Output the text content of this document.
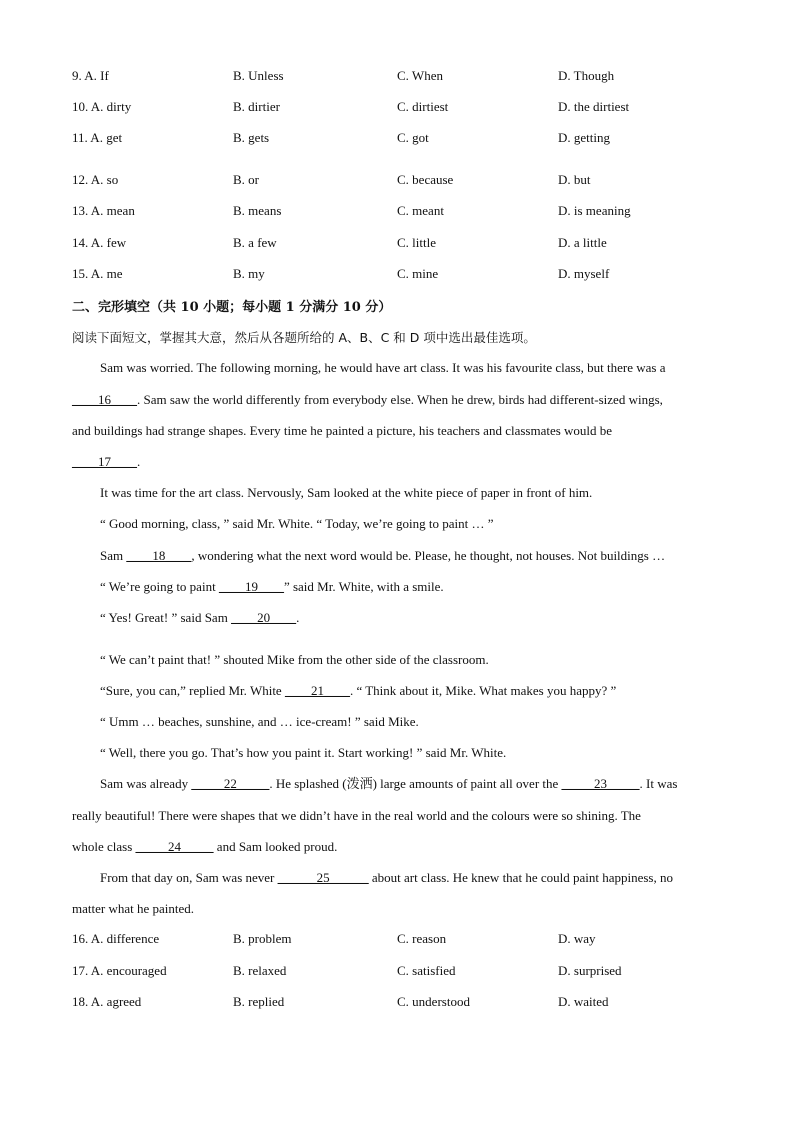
9. A. If	B. Unless	C. When	D. Though
10. A. dirty	B. dirtier	C. dirtiest	D. the dirtiest
11. A. get	B. gets	C. got	D. getting
12. A. so	B. or	C. because	D. but
13. A. mean	B. means	C. meant	D. is meaning
14. A. few	B. a few	C. little	D. a little
15. A. me	B. my	C. mine	D. myself
二、完形填空（共 10 小题；每小题 1 分满分 10 分）
阅读下面短文，掌握其大意，然后从各题所给的 A、B、C 和 D 项中选出最佳选项。
Sam was worried. The following morning, he would have art class. It was his favourite class, but there was a
____16____. Sam saw the world differently from everybody else. When he drew, birds had different-sized wings,
and buildings had strange shapes. Every time he painted a picture, his teachers and classmates would be
____17____.
It was time for the art class. Nervously, Sam looked at the white piece of paper in front of him.
“ Good morning, class, ” said Mr. White. “ Today, we’re going to paint … ”
Sam ____18____, wondering what the next word would be. Please, he thought, not houses. Not buildings …
“ We’re going to paint ____19____” said Mr. White, with a smile.
“ Yes! Great! ” said Sam ____20____.
“ We can’t paint that! ” shouted Mike from the other side of the classroom.
“Sure, you can,” replied Mr. White ____21____. “ Think about it, Mike. What makes you happy? ”
“ Umm … beaches, sunshine, and … ice-cream! ” said Mike.
“ Well, there you go. That’s how you paint it. Start working! ” said Mr. White.
Sam was already _____22_____. He splashed (泼洒) large amounts of paint all over the _____23_____. It was
really beautiful! There were shapes that we didn’t have in the real world and the colours were so shining. The
whole class _____24_____ and Sam looked proud.
From that day on, Sam was never ______25______ about art class. He knew that he could paint happiness, no
matter what he painted.
16. A. difference	B. problem	C. reason	D. way
17. A. encouraged	B. relaxed	C. satisfied	D. surprised
18. A. agreed	B. replied	C. understood	D. waited
